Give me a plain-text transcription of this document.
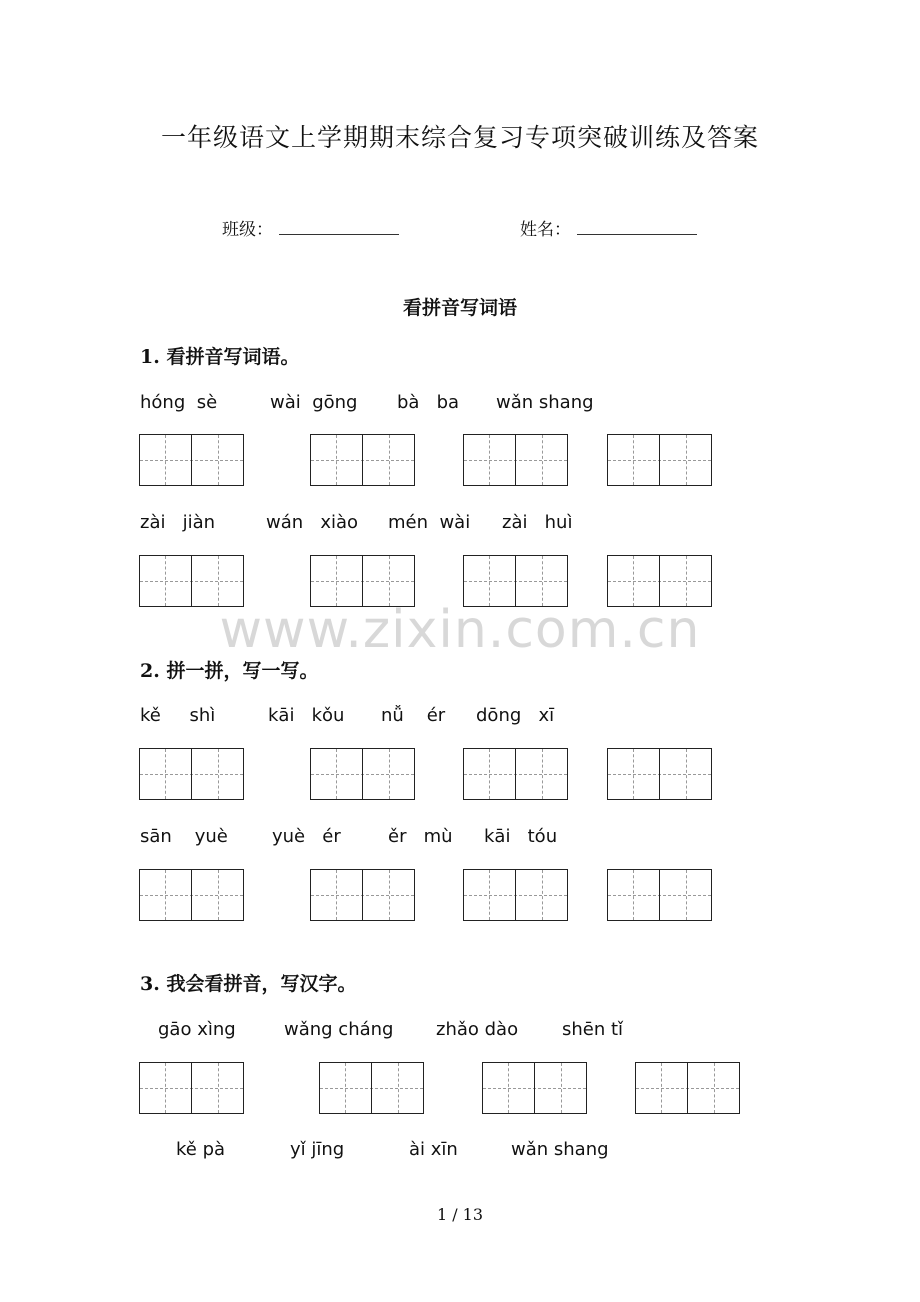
一年级语文上学期期末综合复习专项突破训练及答案
班级：	姓名：
看拼音写词语
1. 看拼音写词语。
hóng  sè	wài  gōng bà   ba wǎn shang
zài   jiàn	wán   xiào mén  wài zài   huì
www.zixin.com.cn
2. 拼一拼，写一写。
kě     shì	kāi   kǒu nǚ    ér dōng   xī
sān    yuè yuè   ér	ěr   mù kāi   tóu
3. 我会看拼音，写汉字。
gāo xìng	wǎng cháng zhǎo dào shēn tǐ
kě pà	yǐ jīng	ài xīn	wǎn shang
1 / 13
